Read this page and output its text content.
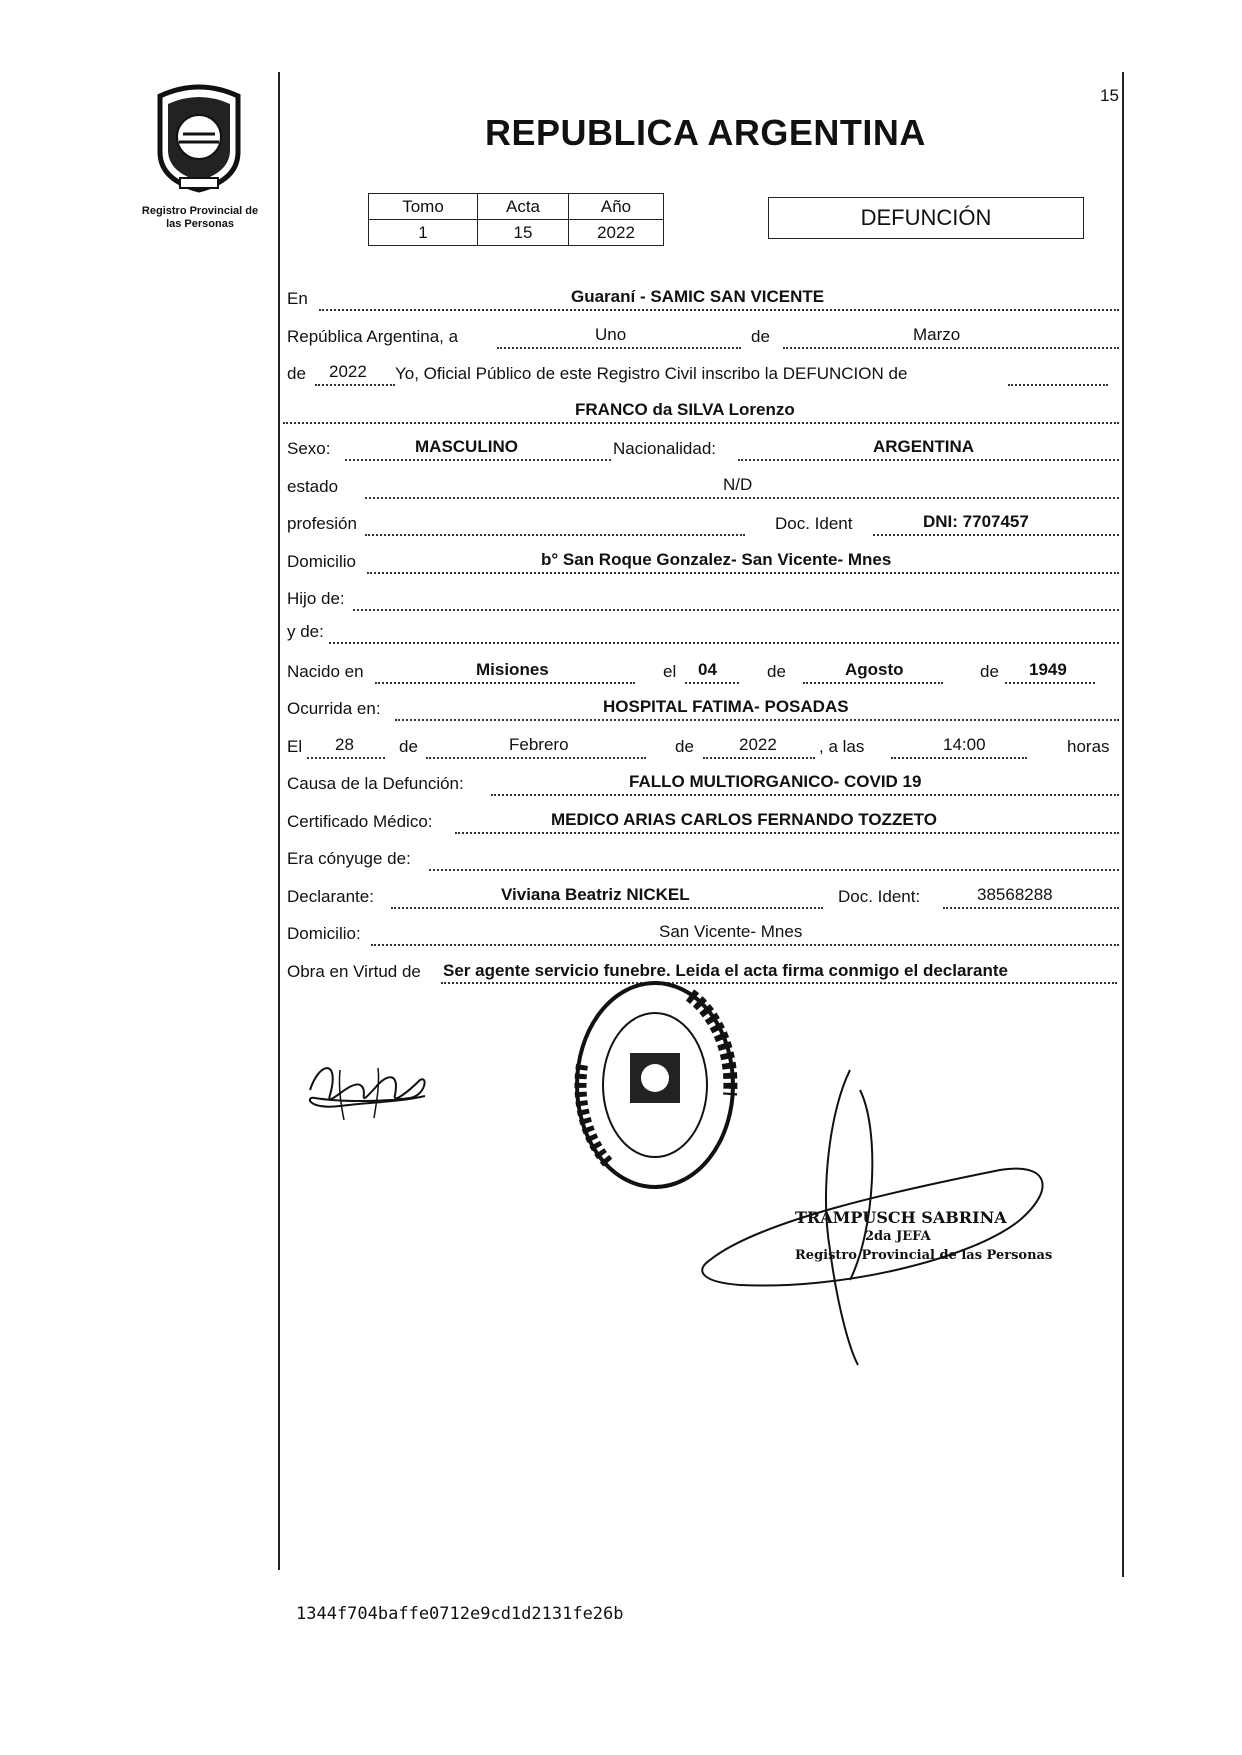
15
Registro Provincial de
las Personas
REPUBLICA ARGENTINA
Tomo	Acta	Año
1	15	2022
DEFUNCIÓN
En	Guaraní - SAMIC SAN VICENTE
República Argentina, a	Uno	de	Marzo
de 2022 Yo, Oficial Público de este Registro Civil inscribo la DEFUNCION de
FRANCO da SILVA Lorenzo
Sexo:	MASCULINO	Nacionalidad:	ARGENTINA
estado	N/D
profesión	Doc. Ident	DNI: 7707457
Domicilio	b° San Roque Gonzalez- San Vicente- Mnes
Hijo de:
y de:
Nacido en	Misiones	el 04	de	Agosto	de 1949
Ocurrida en:	HOSPITAL FATIMA- POSADAS
El 28	de	Febrero	de	2022 , a las	14:00	horas
Causa de la Defunción:	FALLO MULTIORGANICO- COVID 19
Certificado Médico:	MEDICO ARIAS CARLOS FERNANDO TOZZETO
Era cónyuge de:
Declarante:	Viviana Beatriz NICKEL	Doc. Ident:	38568288
Domicilio:	San Vicente- Mnes
Obra en Virtud de Ser agente servicio funebre. Leida el acta firma conmigo el declarante
TRAMPUSCH SABRINA
2da JEFA
Registro Provincial de las Personas
1344f704baffe0712e9cd1d2131fe26b
